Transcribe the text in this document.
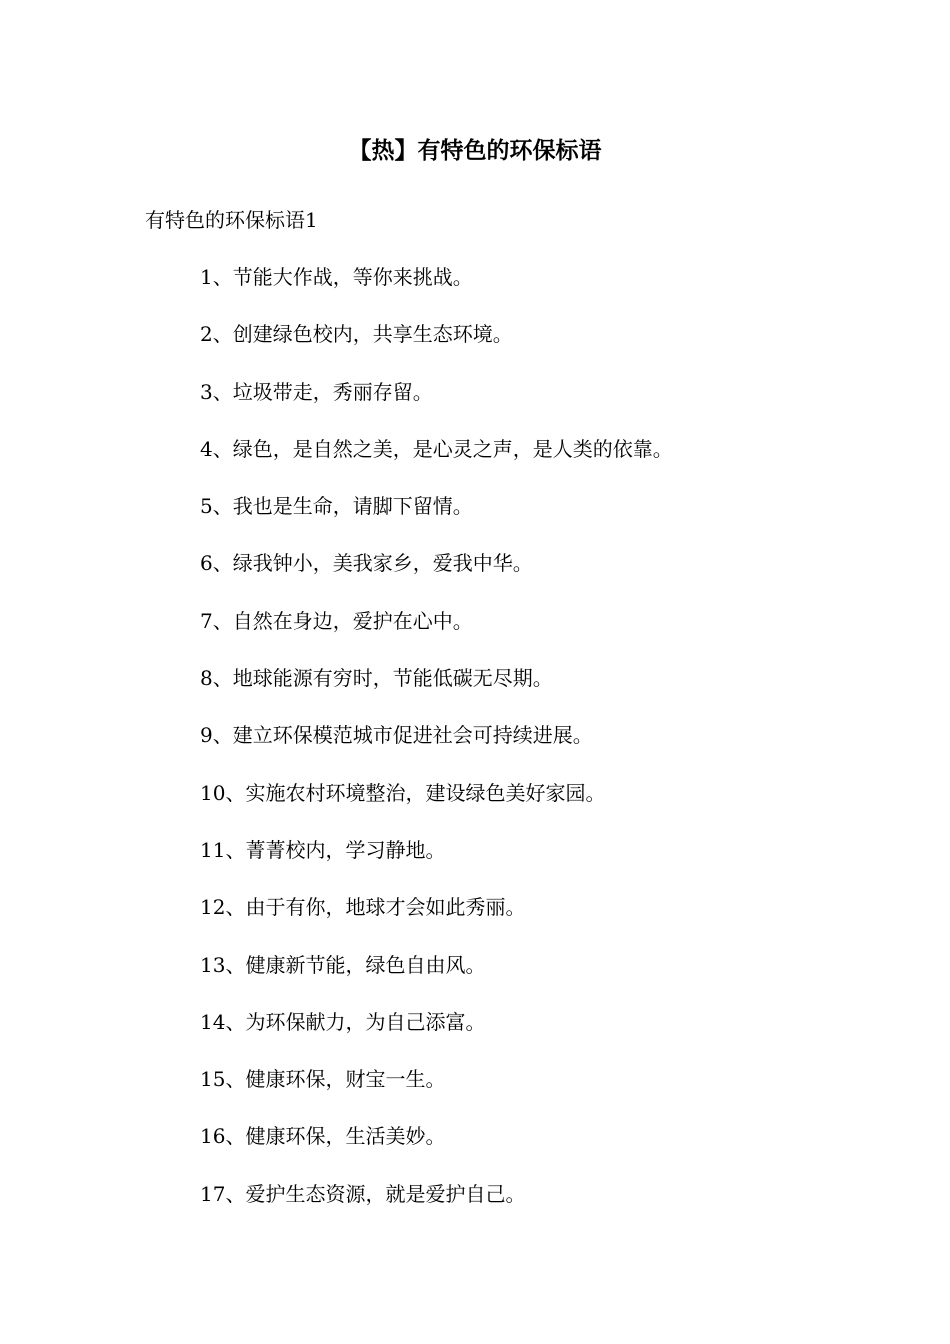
【热】有特色的环保标语

有特色的环保标语1

1、节能大作战，等你来挑战。
2、创建绿色校内，共享生态环境。
3、垃圾带走，秀丽存留。
4、绿色，是自然之美，是心灵之声，是人类的依靠。
5、我也是生命，请脚下留情。
6、绿我钟小，美我家乡，爱我中华。
7、自然在身边，爱护在心中。
8、地球能源有穷时，节能低碳无尽期。
9、建立环保模范城市促进社会可持续进展。
10、实施农村环境整治，建设绿色美好家园。
11、菁菁校内，学习静地。
12、由于有你，地球才会如此秀丽。
13、健康新节能，绿色自由风。
14、为环保献力，为自己添富。
15、健康环保，财宝一生。
16、健康环保，生活美妙。
17、爱护生态资源，就是爱护自己。
